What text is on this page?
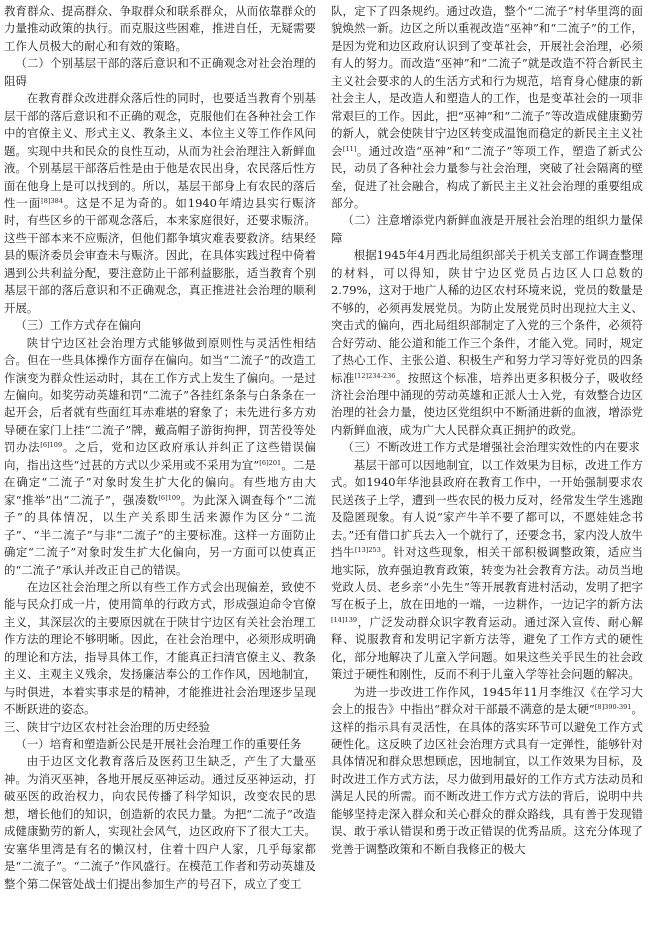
教育群众、提高群众、争取群众和联系群众，从而依靠群众的力量推动政策的执行。而克服这些困难，推进自任，无疑需要工作人员极大的耐心和有效的策略。

（二）个别基层干部的落后意识和不正确观念对社会治理的阻碍

在教育群众改进群众落后性的同时，也要适当教育个别基层干部的落后意识和不正确的观念，克服他们在各种社会工作中的官僚主义、形式主义、教条主义、本位主义等工作作风问题。实现中共和民众的良性互动，从而为社会治理注入新鲜血液。个别基层干部落后性是由于他是农民出身，农民落后性方面在他身上是可以找到的。所以，基层干部身上有农民的落后性一面$^{[8]384}$。这是不足为奇的。如1940年靖边县实行赈济时，有些区乡的干部观念落后，本来家庭很好，还要求赈济。这些干部本来不应赈济，但他们都争填灾难表要救济。结果经县的赈济委员会审查未与赈济。因此，在具体实践过程中倚着遇到公共利益分配，要注意防止干部利益膨胀，适当教育个别基层干部的落后意识和不正确观念，真正推进社会治理的顺利开展。

（三）工作方式存在偏向

陕甘宁边区社会治理方式能够做到原则性与灵活性相结合。但在一些具体操作方面存在偏向。如当“二流子”的改造工作演变为群众性运动时，其在工作方式上发生了偏向。一是过左偏向。如奖劳动英雄和罚“二流子”各挂红条条与白条条在一起开会，后者就有些面红耳赤难堪的窘象了；未先进行多方劝导硬在家门上挂“二流子”牌，戴高帽子游街拘押，罚苦役等处罚办法$^{[6]109}$。之后，党和边区政府承认并纠正了这些错误偏向，指出这些“过甚的方式以少采用或不采用为宜”$^{[6]201}$。二是在确定“二流子”对象时发生扩大化的偏向。有些地方由大家“推举”出“二流子”，强凑数$^{[6]109}$。为此深入调查每个“二流子”的具体情况，以生产关系即生活来源作为区分“二流子”、“半二流子”与非“二流子”的主要标准。这样一方面防止确定“二流子”对象时发生扩大化偏向，另一方面可以使真正的“二流子”承认并改正自己的错误。

在边区社会治理之所以有些工作方式会出现偏差，致使不能与民众打成一片，使用简单的行政方式，形成强迫命令官僚主义，其深层次的主要原因就在于陕甘宁边区有关社会治理工作方法的理论不够明晰。因此，在社会治理中，必须形成明确的理论和方法，指导具体工作，才能真正扫清官僚主义、教条主义、主观主义残余，发扬廉洁奉公的工作作风，因地制宜，与时俱进，本着实事求是的精神，才能推进社会治理逐步呈现不断跃进的姿态。

三、陕甘宁边区农村社会治理的历史经验

（一）培育和塑造新公民是开展社会治理工作的重要任务

由于边区文化教育落后及医药卫生缺乏，产生了大量巫神。为消灭巫神，各地开展反巫神运动。通过反巫神运动，打破巫医的政治权力，向农民传播了科学知识，改变农民的思想，增长他们的知识，创造新的农民力量。为把“二流子”改造成健康勤劳的新人，实现社会风气，边区政府下了很大工夫。安塞华里湾是有名的懒汉村，住着十四户人家，几乎每家都是“二流子”。“二流子”作风盛行。在模范工作者和劳动英雄及整个第二保管处战士们提出参加生产的号召下，成立了变工

队，定下了四条规约。通过改造，整个“二流子”村华里湾的面貌焕然一新。边区之所以重视改造“巫神”和“二流子”的工作，是因为党和边区政府认识到了变革社会，开展社会治理，必须有人的努力。而改造“巫神”和“二流子”就是改造不符合新民主主义社会要求的人的生活方式和行为规范，培育身心健康的新社会主人，是改造人和塑造人的工作，也是变革社会的一项非常艰巨的工作。因此，把“巫神”和“二流子”等改造成健康勤劳的新人，就会使陕甘宁边区转变成温饱而稳定的新民主主义社会[11]。通过改造“巫神”和“二流子”等项工作，塑造了新式公民，动员了各种社会力量参与社会治理，突破了社会隔离的壁垒，促进了社会融合，构成了新民主主义社会治理的重要组成部分。

（二）注意增添党内新鲜血液是开展社会治理的组织力量保障

根据1945年4月西北局组织部关于机关支部工作调查整理的材料，可以得知，陕甘宁边区党员占边区人口总数的2.79%，这对于地广人稀的边区农村环境来说，党员的数量是不够的，必须再发展党员。为防止发展党员时出现拉大主义、突击式的偏向，西北局组织部制定了入党的三个条件，必须符合好劳动、能公道和能工作三个条件，才能入党。同时，规定了热心工作、主张公道、积极生产和努力学习等好党员的四条标准$^{[12]234-236}$。按照这个标准，培养出更多积极分子，吸收经济社会治理中涌现的劳动英雄和正派人士入党，有效整合边区治理的社会力量，使边区党组织中不断涌进新的血液，增添党内新鲜血液，成为广大人民群众真正拥护的政党。

（三）不断改进工作方式是增强社会治理实效性的内在要求

基层干部可以因地制宜，以工作效果为目标，改进工作方式。如1940年华池县政府在教育工作中，一开始强制要求农民送孩子上学，遭到一些农民的极力反对，经常发生学生逃跑及隐匿现象。有人说“家产牛羊不要了都可以，不愿娃娃念书去。”还有借口扩兵去入一个就行了，还要念书，家内没人放牛挡牛$^{[13]253}$。针对这些现象，相关干部积极调整政策，适应当地实际，放弃强迫教育政策，转变为社会教育方法。动员当地党政人员、老乡亲“小先生”等开展教育进村活动，发明了把字写在板子上，放在田地的一端，一边耕作，一边记字的新方法$^{[14]139}$，广泛发动群众识字教育运动。通过深入宣传、耐心解释、说服教育和发明记字新方法等，避免了工作方式的硬性化，部分地解决了儿童入学问题。如果这些关乎民生的社会政策过于硬性和刚性，反而不利于儿童入学等社会问题的解决。

为进一步改进工作作风，1945年11月李维汉《在学习大会上的报告》中指出“群众对干部最不满意的是太硬”$^{[8]390-391}$。这样的指示具有灵活性，在具体的落实环节可以避免工作方式硬性化。这反映了边区社会治理方式具有一定弹性，能够针对具体情况和群众思想顾虑，因地制宜，以工作效果为目标，及时改进工作方式方法，尽力做到用最好的工作方式方法动员和满足人民的所需。而不断改进工作方式方法的背后，说明中共能够坚持走深入群众和关心群众的群众路线，具有善于发现错误、敢于承认错误和勇于改正错误的优秀品质。这充分体现了党善于调整政策和不断自我修正的极大
